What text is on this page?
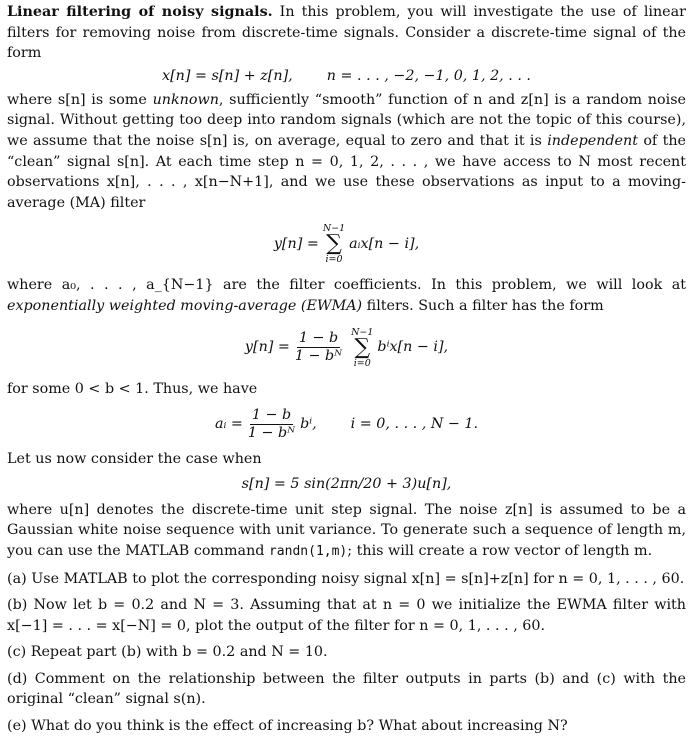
Linear filtering of noisy signals. In this problem, you will investigate the use of linear filters for removing noise from discrete-time signals. Consider a discrete-time signal of the form

x[n] = s[n] + z[n], n = . . . , −2, −1, 0, 1, 2, . . .

where s[n] is some unknown, sufficiently “smooth” function of n and z[n] is a random noise signal. Without getting too deep into random signals (which are not the topic of this course), we assume that the noise s[n] is, on average, equal to zero and that it is independent of the “clean” signal s[n]. At each time step n = 0, 1, 2, . . . , we have access to N most recent observations x[n], . . . , x[n−N+1], and we use these observations as input to a moving-average (MA) filter

y[n] =
N−1
∑
i=0
aᵢx[n − i],

where a₀, . . . , a_{N−1} are the filter coefficients. In this problem, we will look at exponentially weighted moving-average (EWMA) filters. Such a filter has the form

$y[n] = \frac{1 - b}{\text{1 − bᴺ}} N-1$
∑
i=0
bⁱx[n − i],

for some 0 < b < 1. Thus, we have

aᵢ = $\frac{1 - b}{\text{1 − bᴺ}} b^i$, i = 0, . . . , N − 1.

Let us now consider the case when

s[n] = 5 sin(2πn/20 + 3)u[n],

where u[n] denotes the discrete-time unit step signal. The noise z[n] is assumed to be a Gaussian white noise sequence with unit variance. To generate such a sequence of length m, you can use the MATLAB command randn(1,m); this will create a row vector of length m.

(a) Use MATLAB to plot the corresponding noisy signal x[n] = s[n]+z[n] for n = 0, 1, . . . , 60.

(b) Now let b = 0.2 and N = 3. Assuming that at n = 0 we initialize the EWMA filter with x[−1] = . . . = x[−N] = 0, plot the output of the filter for n = 0, 1, . . . , 60.

(c) Repeat part (b) with b = 0.2 and N = 10.

(d) Comment on the relationship between the filter outputs in parts (b) and (c) with the original “clean” signal s(n).

(e) What do you think is the effect of increasing b? What about increasing N?
